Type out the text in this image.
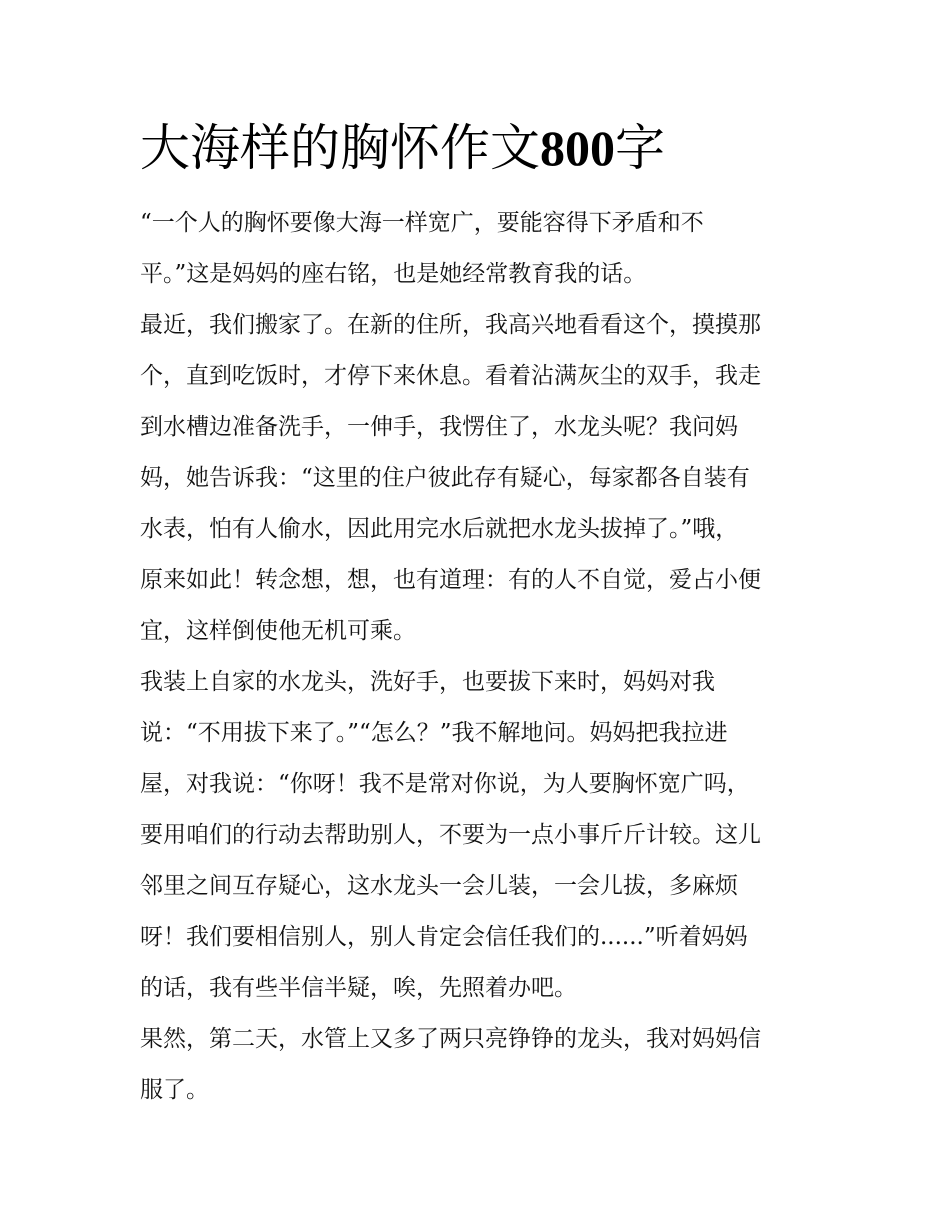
大海样的胸怀作文800字

“一个人的胸怀要像大海一样宽广，要能容得下矛盾和不

平。”这是妈妈的座右铭，也是她经常教育我的话。

最近，我们搬家了。在新的住所，我高兴地看看这个，摸摸那

个，直到吃饭时，才停下来休息。看着沾满灰尘的双手，我走

到水槽边准备洗手，一伸手，我愣住了，水龙头呢？我问妈

妈，她告诉我：“这里的住户彼此存有疑心，每家都各自装有

水表，怕有人偷水，因此用完水后就把水龙头拔掉了。”哦，

原来如此！转念想，想，也有道理：有的人不自觉，爱占小便

宜，这样倒使他无机可乘。

我装上自家的水龙头，洗好手，也要拔下来时，妈妈对我

说：“不用拔下来了。”“怎么？”我不解地问。妈妈把我拉进

屋，对我说：“你呀！我不是常对你说，为人要胸怀宽广吗，

要用咱们的行动去帮助别人，不要为一点小事斤斤计较。这儿

邻里之间互存疑心，这水龙头一会儿装，一会儿拔，多麻烦

呀！我们要相信别人，别人肯定会信任我们的......”听着妈妈

的话，我有些半信半疑，唉，先照着办吧。

果然，第二天，水管上又多了两只亮铮铮的龙头，我对妈妈信

服了。
